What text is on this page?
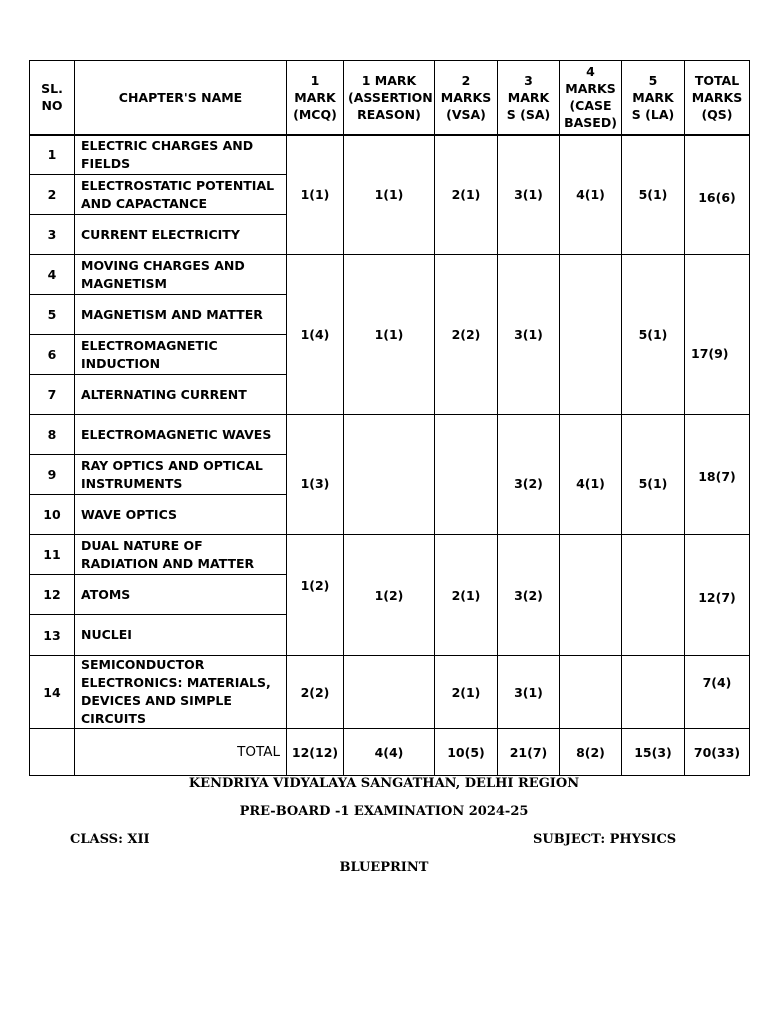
SL.
NO	CHAPTER'S NAME	1
MARK
(MCQ)	1 MARK
(ASSERTION
REASON)	2
MARKS
(VSA)	3
MARK
S (SA)	4
MARKS
(CASE
BASED)	5
MARK
S (LA)	TOTAL
MARKS
(QS)
1	ELECTRIC CHARGES AND FIELDS	1(1)	1(1)	2(1)	3(1)	4(1)	5(1)	16(6)
2	ELECTROSTATIC POTENTIAL AND CAPACTANCE							
3	CURRENT ELECTRICITY							
4	MOVING CHARGES AND MAGNETISM	1(4)	1(1)	2(2)	3(1)		5(1)	17(9)
5	MAGNETISM AND MATTER							
6	ELECTROMAGNETIC INDUCTION							
7	ALTERNATING CURRENT							
8	ELECTROMAGNETIC WAVES	1(3)			3(2)	4(1)	5(1)	18(7)
9	RAY OPTICS AND OPTICAL INSTRUMENTS							
10	WAVE OPTICS							
11	DUAL NATURE OF RADIATION AND MATTER	1(2)	1(2)	2(1)	3(2)			12(7)
12	ATOMS							
13	NUCLEI							
14	SEMICONDUCTOR ELECTRONICS: MATERIALS, DEVICES AND SIMPLE CIRCUITS	2(2)		2(1)	3(1)			7(4)
	TOTAL	12(12)	4(4)	10(5)	21(7)	8(2)	15(3)	70(33)
KENDRIYA VIDYALAYA SANGATHAN, DELHI REGION
PRE-BOARD -1 EXAMINATION 2024-25
CLASS: XII	SUBJECT: PHYSICS
BLUEPRINT
